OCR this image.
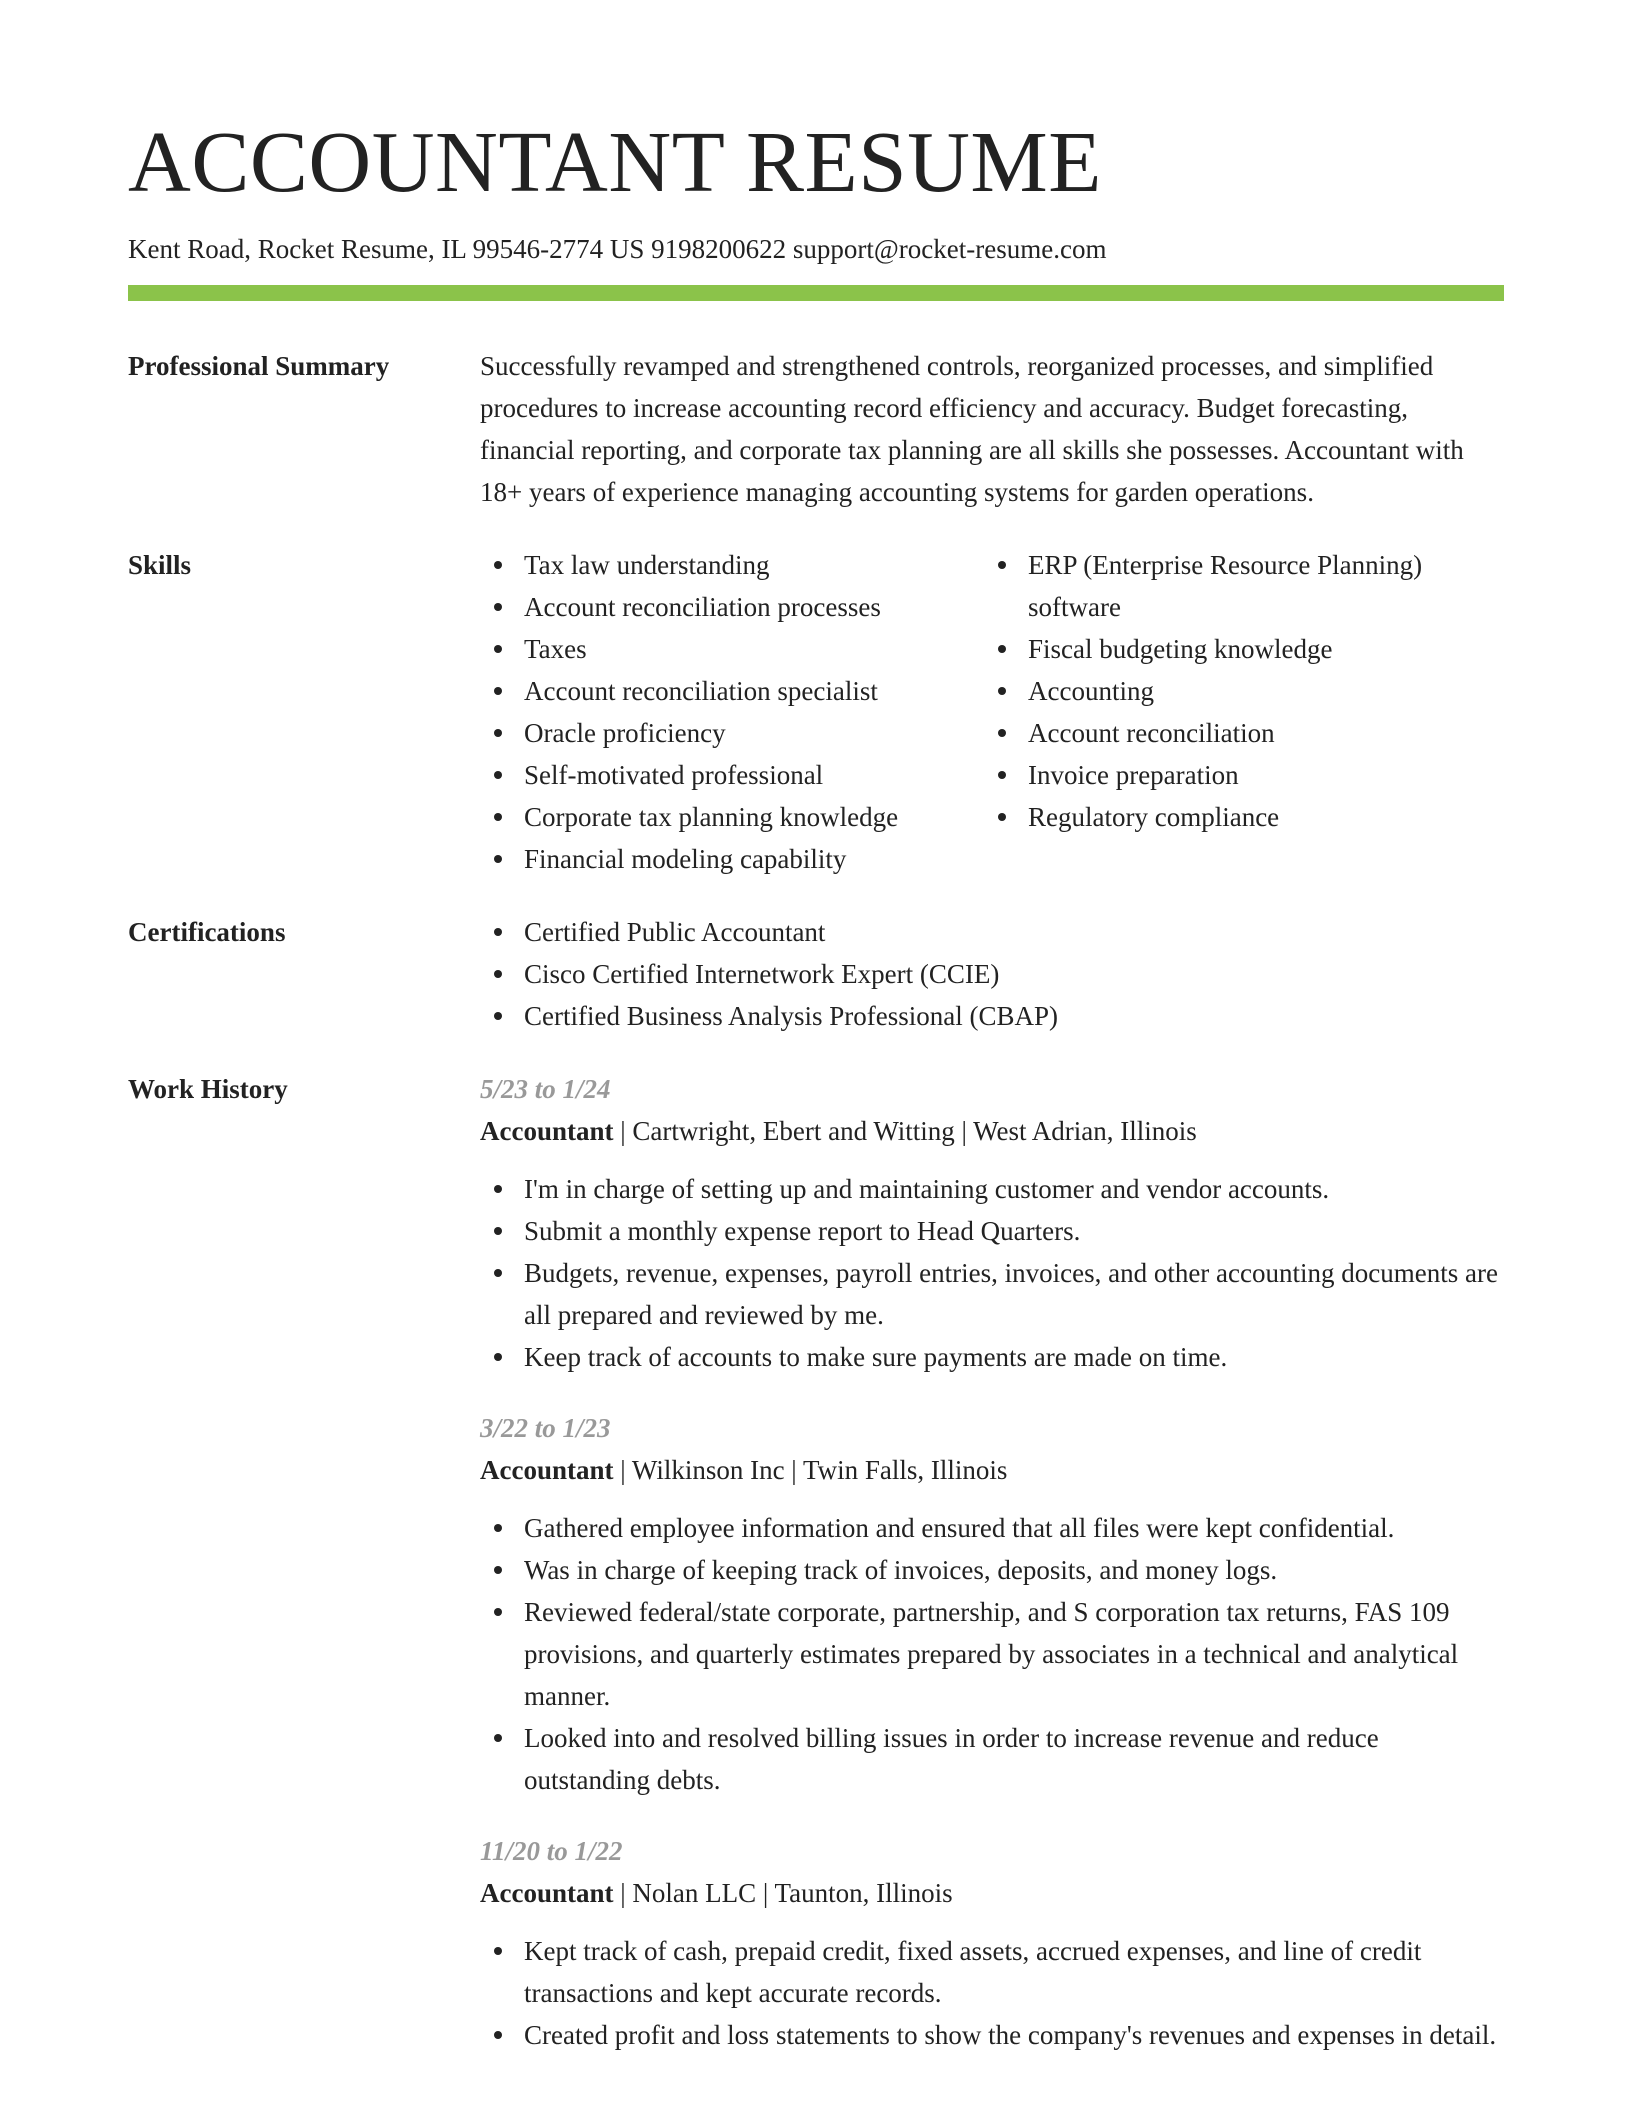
ACCOUNTANT RESUME
Kent Road, Rocket Resume, IL 99546-2774 US 9198200622 support@rocket-resume.com
Professional Summary	Successfully revamped and strengthened controls, reorganized processes, and simplified procedures to increase accounting record efficiency and accuracy. Budget forecasting, financial reporting, and corporate tax planning are all skills she possesses. Accountant with 18+ years of experience managing accounting systems for garden operations.

Skills	Tax law understanding
Account reconciliation processes
Taxes
Account reconciliation specialist
Oracle proficiency
Self-motivated professional
Corporate tax planning knowledge
Financial modeling capability
ERP (Enterprise Resource Planning) software
Fiscal budgeting knowledge
Accounting
Account reconciliation
Invoice preparation
Regulatory compliance
Certifications	Certified Public Accountant
Cisco Certified Internetwork Expert (CCIE)
Certified Business Analysis Professional (CBAP)
Work History	5/23 to 1/24
Accountant | Cartwright, Ebert and Witting | West Adrian, Illinois
I'm in charge of setting up and maintaining customer and vendor accounts.
Submit a monthly expense report to Head Quarters.
Budgets, revenue, expenses, payroll entries, invoices, and other accounting documents are all prepared and reviewed by me.
Keep track of accounts to make sure payments are made on time.
3/22 to 1/23
Accountant | Wilkinson Inc | Twin Falls, Illinois
Gathered employee information and ensured that all files were kept confidential.
Was in charge of keeping track of invoices, deposits, and money logs.
Reviewed federal/state corporate, partnership, and S corporation tax returns, FAS 109 provisions, and quarterly estimates prepared by associates in a technical and analytical manner.
Looked into and resolved billing issues in order to increase revenue and reduce outstanding debts.
11/20 to 1/22
Accountant | Nolan LLC | Taunton, Illinois
Kept track of cash, prepaid credit, fixed assets, accrued expenses, and line of credit transactions and kept accurate records.
Created profit and loss statements to show the company's revenues and expenses in detail.
